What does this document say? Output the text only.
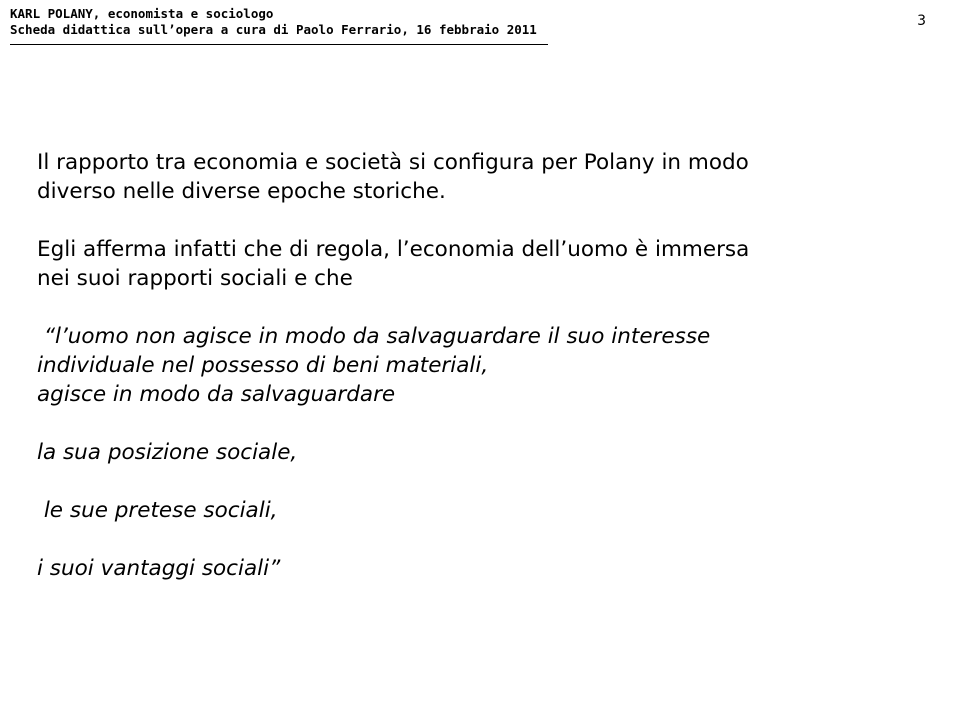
KARL POLANY, economista e sociologo
Scheda didattica sull’opera a cura di Paolo Ferrario, 16 febbraio 2011
3

Il rapporto tra economia e società si configura per Polany in modo

diverso nelle diverse epoche storiche.

Egli afferma infatti che di regola, l’economia dell’uomo è immersa

nei suoi rapporti sociali e che

“l’uomo non agisce in modo da salvaguardare il suo interesse

individuale nel possesso di beni materiali,

agisce in modo da salvaguardare

la sua posizione sociale,

le sue pretese sociali,

i suoi vantaggi sociali”
